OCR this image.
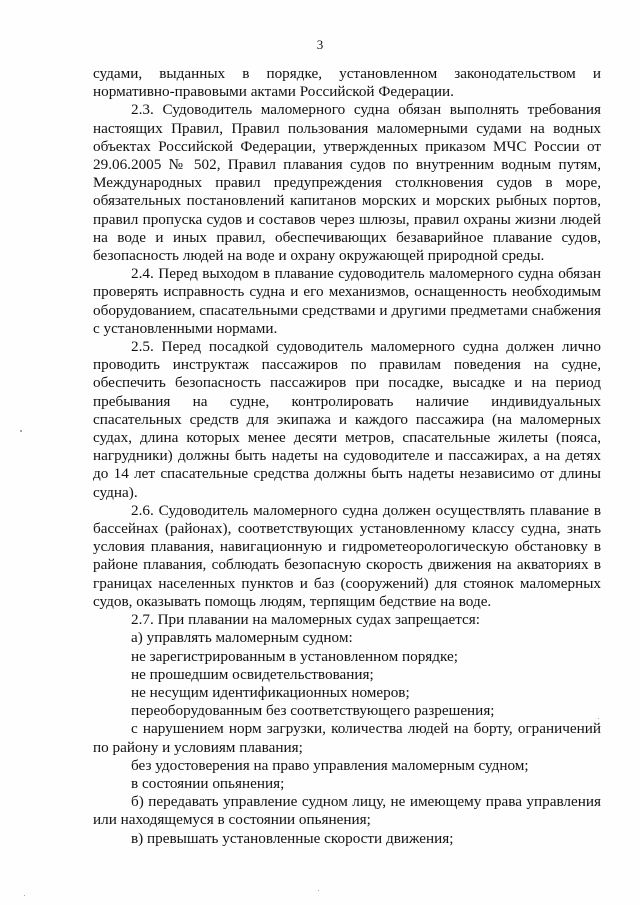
3

судами, выданных в порядке, установленном законодательством и нормативно-правовыми актами Российской Федерации.

2.3. Судоводитель маломерного судна обязан выполнять требования настоящих Правил, Правил пользования маломерными судами на водных объектах Российской Федерации, утвержденных приказом МЧС России от 29.06.2005 № 502, Правил плавания судов по внутренним водным путям, Международных правил предупреждения столкновения судов в море, обязательных постановлений капитанов морских и морских рыбных портов, правил пропуска судов и составов через шлюзы, правил охраны жизни людей на воде и иных правил, обеспечивающих безаварийное плавание судов, безопасность людей на воде и охрану окружающей природной среды.

2.4. Перед выходом в плавание судоводитель маломерного судна обязан проверять исправность судна и его механизмов, оснащенность необходимым оборудованием, спасательными средствами и другими предметами снабжения с установленными нормами.

2.5. Перед посадкой судоводитель маломерного судна должен лично проводить инструктаж пассажиров по правилам поведения на судне, обеспечить безопасность пассажиров при посадке, высадке и на период пребывания на судне, контролировать наличие индивидуальных спасательных средств для экипажа и каждого пассажира (на маломерных судах, длина которых менее десяти метров, спасательные жилеты (пояса, нагрудники) должны быть надеты на судоводителе и пассажирах, а на детях до 14 лет спасательные средства должны быть надеты независимо от длины судна).

2.6. Судоводитель маломерного судна должен осуществлять плавание в бассейнах (районах), соответствующих установленному классу судна, знать условия плавания, навигационную и гидрометеорологическую обстановку в районе плавания, соблюдать безопасную скорость движения на акваториях в границах населенных пунктов и баз (сооружений) для стоянок маломерных судов, оказывать помощь людям, терпящим бедствие на воде.

2.7. При плавании на маломерных судах запрещается:

а) управлять маломерным судном:

не зарегистрированным в установленном порядке;

не прошедшим освидетельствования;

не несущим идентификационных номеров;

переоборудованным без соответствующего разрешения;

с нарушением норм загрузки, количества людей на борту, ограничений по району и условиям плавания;

без удостоверения на право управления маломерным судном;

в состоянии опьянения;

б) передавать управление судном лицу, не имеющему права управления или находящемуся в состоянии опьянения;

в) превышать установленные скорости движения;
